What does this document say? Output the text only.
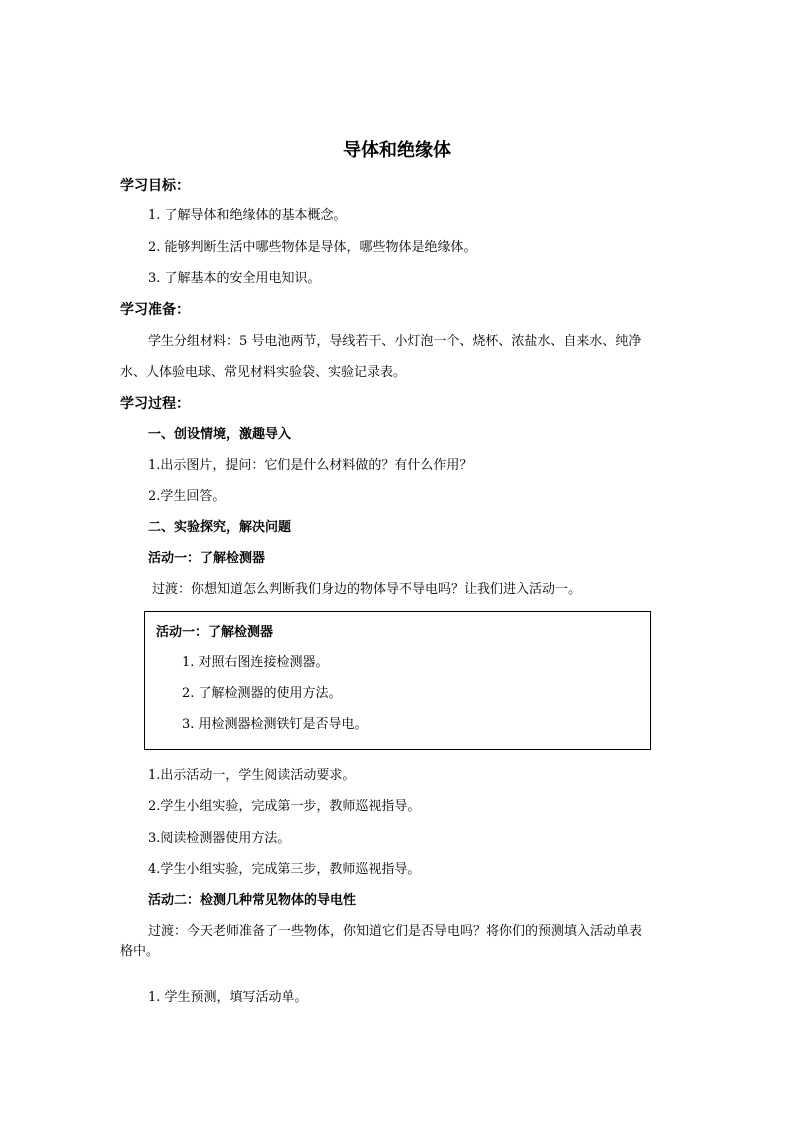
导体和绝缘体
学习目标：
1. 了解导体和绝缘体的基本概念。
2. 能够判断生活中哪些物体是导体，哪些物体是绝缘体。
3. 了解基本的安全用电知识。
学习准备：
学生分组材料：5 号电池两节，导线若干、小灯泡一个、烧杯、浓盐水、自来水、纯净
水、人体验电球、常见材料实验袋、实验记录表。
学习过程：
一、创设情境，激趣导入
1.出示图片，提问：它们是什么材料做的？有什么作用？
2.学生回答。
二、实验探究，解决问题
活动一：了解检测器
过渡：你想知道怎么判断我们身边的物体导不导电吗？让我们进入活动一。
活动一：了解检测器
1. 对照右图连接检测器。
2. 了解检测器的使用方法。
3. 用检测器检测铁钉是否导电。
1.出示活动一，学生阅读活动要求。
2.学生小组实验，完成第一步，教师巡视指导。
3.阅读检测器使用方法。
4.学生小组实验，完成第三步，教师巡视指导。
活动二：检测几种常见物体的导电性
过渡：今天老师准备了一些物体，你知道它们是否导电吗？将你们的预测填入活动单表
格中。
1. 学生预测，填写活动单。
